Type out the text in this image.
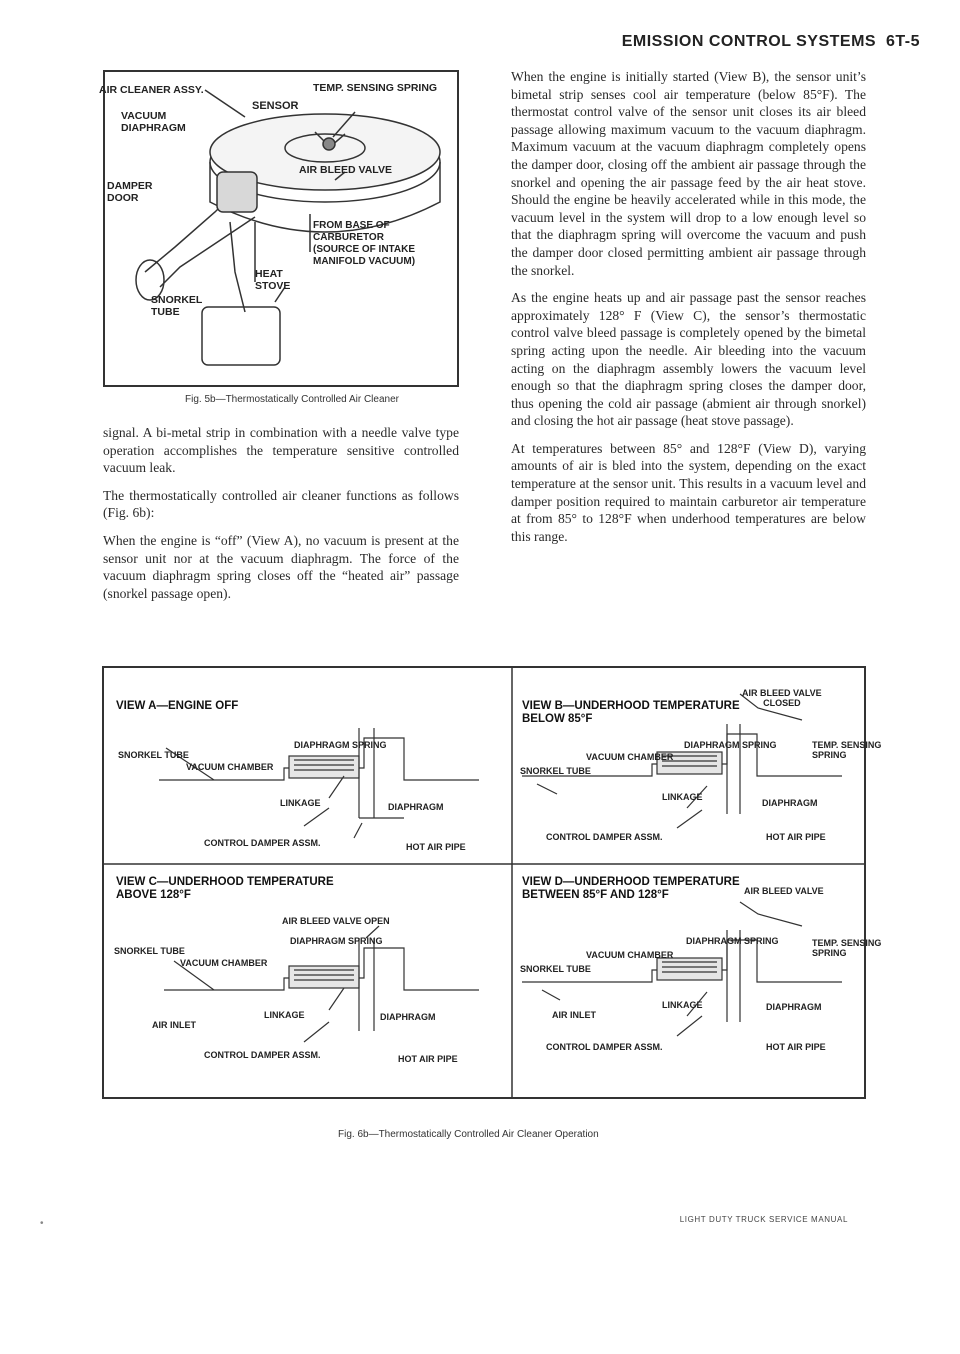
EMISSION CONTROL SYSTEMS 6T-5
AIR CLEANER ASSY.
SENSOR
TEMP. SENSING SPRING
VACUUM
DIAPHRAGM
AIR BLEED VALVE
DAMPER
DOOR
FROM BASE OF CARBURETOR
(SOURCE OF INTAKE
MANIFOLD VACUUM)
HEAT
STOVE
SNORKEL
TUBE
Fig. 5b—Thermostatically Controlled Air Cleaner

signal. A bi-metal strip in combination with a needle valve type operation accomplishes the temperature sensitive controlled vacuum leak.

The thermostatically controlled air cleaner functions as follows (Fig. 6b):

When the engine is “off” (View A), no vacuum is present at the sensor unit nor at the vacuum diaphragm. The force of the vacuum diaphragm spring closes off the “heated air” passage (snorkel passage open).

When the engine is initially started (View B), the sensor unit’s bimetal strip senses cool air temperature (below 85°F). The thermostat control valve of the sensor unit closes its air bleed passage allowing maximum vacuum to the vacuum diaphragm. Maximum vacuum at the vacuum diaphragm completely opens the damper door, closing off the ambient air passage through the snorkel and opening the air passage feed by the air heat stove. Should the engine be heavily accelerated while in this mode, the vacuum level in the system will drop to a low enough level so that the diaphragm spring will overcome the vacuum and push the damper door closed permitting ambient air passage through the snorkel.

As the engine heats up and air passage past the sensor reaches approximately 128° F (View C), the sensor’s thermostatic control valve bleed passage is completely opened by the bimetal spring acting upon the needle. Air bleeding into the vacuum acting on the diaphragm assembly lowers the vacuum level enough so that the diaphragm spring closes the damper door, thus opening the cold air passage (abmient air through snorkel) and closing the hot air passage (heat stove passage).

At temperatures between 85° and 128°F (View D), varying amounts of air is bled into the system, depending on the exact temperature at the sensor unit. This results in a vacuum level and damper position required to maintain carburetor air temperature at from 85° to 128°F when underhood temperatures are below this range.

VIEW A—ENGINE OFF
DIAPHRAGM SPRING
SNORKEL TUBE
VACUUM CHAMBER
LINKAGE	DIAPHRAGM
CONTROL DAMPER ASSM.	HOT AIR PIPE
VIEW B—UNDERHOOD TEMPERATURE
BELOW 85°F
AIR BLEED VALVE
CLOSED
DIAPHRAGM SPRING	TEMP. SENSING
SPRING
VACUUM CHAMBER
SNORKEL TUBE
LINKAGE
DIAPHRAGM
CONTROL DAMPER ASSM.	HOT AIR PIPE
VIEW C—UNDERHOOD TEMPERATURE
ABOVE 128°F
AIR BLEED VALVE OPEN
DIAPHRAGM SPRING
SNORKEL TUBE
VACUUM CHAMBER
AIR INLET
LINKAGE	DIAPHRAGM
CONTROL DAMPER ASSM.	HOT AIR PIPE
VIEW D—UNDERHOOD TEMPERATURE
BETWEEN 85°F AND 128°F	AIR BLEED VALVE
DIAPHRAGM SPRING	TEMP. SENSING
SPRING
VACUUM CHAMBER
SNORKEL TUBE
AIR INLET
LINKAGE	DIAPHRAGM
CONTROL DAMPER ASSM.	HOT AIR PIPE
Fig. 6b—Thermostatically Controlled Air Cleaner Operation
•	LIGHT DUTY TRUCK SERVICE MANUAL
